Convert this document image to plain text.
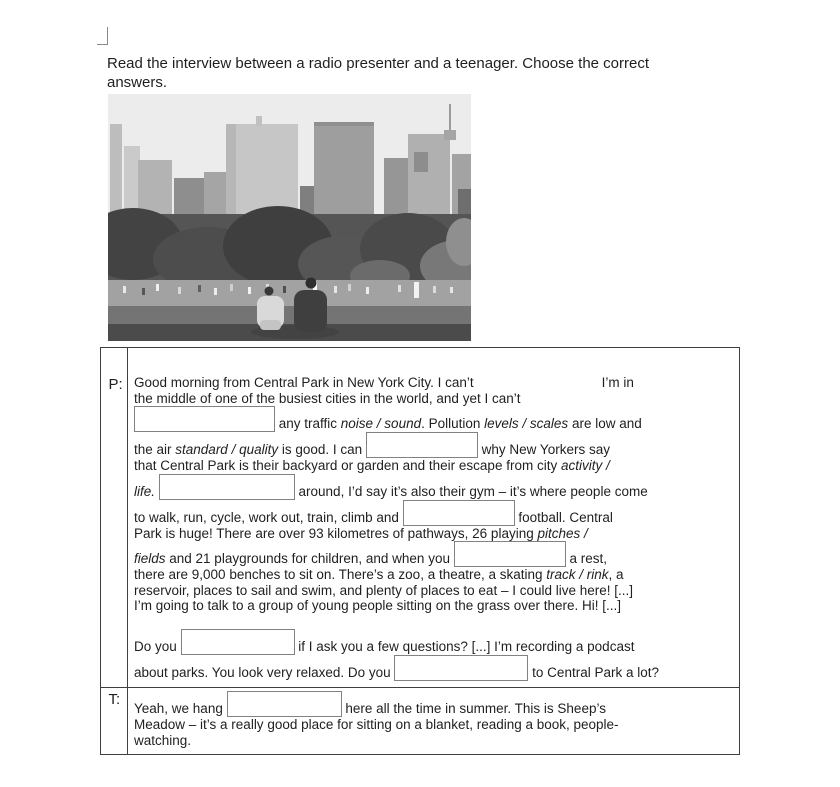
Read the interview between a radio presenter and a teenager. Choose the correct answers.
P: Good morning from Central Park in New York City. I can’t	I’m in
the middle of one of the busiest cities in the world, and yet I can’t
any traffic noise / sound. Pollution levels / scales are low and
the air standard / quality is good. I can	why New Yorkers say
that Central Park is their backyard or garden and their escape from city activity /
life.	around, I’d say it’s also their gym – it’s where people come
to walk, run, cycle, work out, train, climb and	football. Central
Park is huge! There are over 93 kilometres of pathways, 26 playing pitches /
fields and 21 playgrounds for children, and when you	a rest,
there are 9,000 benches to sit on. There’s a zoo, a theatre, a skating track / rink, a
reservoir, places to sail and swim, and plenty of places to eat – I could live here! [...]
I’m going to talk to a group of young people sitting on the grass over there. Hi! [...]

Do you	if I ask you a few questions? [...] I’m recording a podcast
about parks. You look very relaxed. Do you	to Central Park a lot?
T:
Yeah, we hang	here all the time in summer. This is Sheep’s
Meadow – it’s a really good place for sitting on a blanket, reading a book, people-
watching.
